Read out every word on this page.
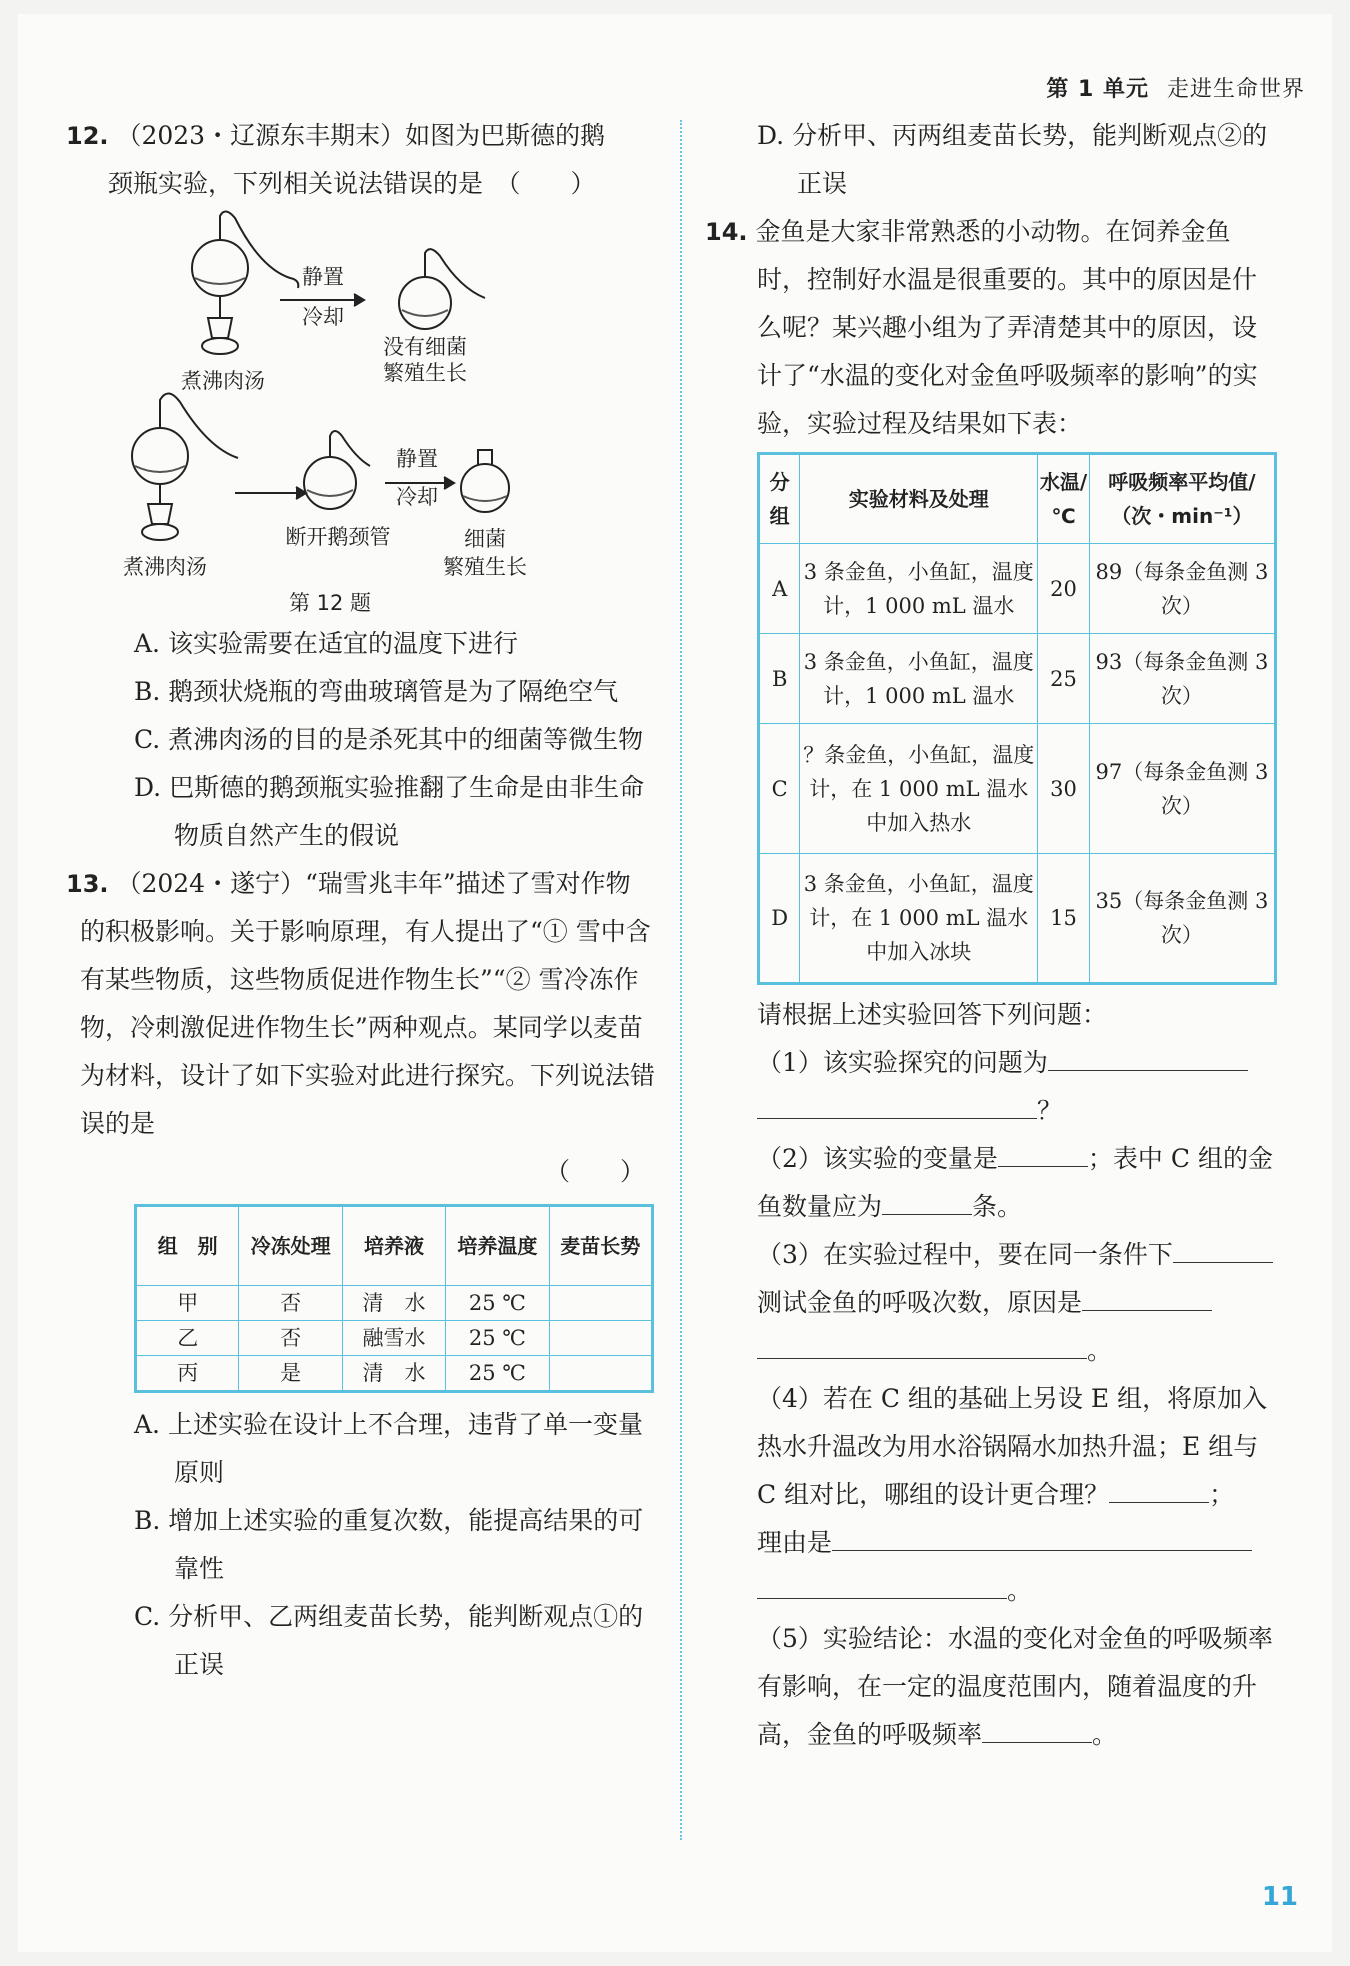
第 1 单元 走进生命世界
12. （2023・辽源东丰期末）如图为巴斯德的鹅
颈瓶实验，下列相关说法错误的是　（　　）
静置
冷却
煮沸肉汤
没有细菌
繁殖生长
煮沸肉汤
断开鹅颈管
静置
冷却
细菌
繁殖生长
第 12 题
A. 该实验需要在适宜的温度下进行
B. 鹅颈状烧瓶的弯曲玻璃管是为了隔绝空气
C. 煮沸肉汤的目的是杀死其中的细菌等微生物
D. 巴斯德的鹅颈瓶实验推翻了生命是由非生命物质自然产生的假说
13. （2024・遂宁）“瑞雪兆丰年”描述了雪对作物的积极影响。关于影响原理，有人提出了“① 雪中含有某些物质，这些物质促进作物生长”“② 雪冷冻作物，冷刺激促进作物生长”两种观点。某同学以麦苗为材料，设计了如下实验对此进行探究。下列说法错误的是
（　　）
组　别	冷冻处理	培养液	培养温度	麦苗长势
甲	否	清　水	25 ℃	
乙	否	融雪水	25 ℃	
丙	是	清　水	25 ℃	
A. 上述实验在设计上不合理，违背了单一变量原则
B. 增加上述实验的重复次数，能提高结果的可靠性
C. 分析甲、乙两组麦苗长势，能判断观点①的正误
D. 分析甲、丙两组麦苗长势，能判断观点②的正误
14. 金鱼是大家非常熟悉的小动物。在饲养金鱼时，控制好水温是很重要的。其中的原因是什么呢？某兴趣小组为了弄清楚其中的原因，设计了“水温的变化对金鱼呼吸频率的影响”的实验，实验过程及结果如下表：
分组	实验材料及处理	水温/℃	呼吸频率平均值/（次・min⁻¹）
A	3 条金鱼，小鱼缸，温度计，1 000 mL 温水	20	89（每条金鱼测 3 次）
B	3 条金鱼，小鱼缸，温度计，1 000 mL 温水	25	93（每条金鱼测 3 次）
C	？条金鱼，小鱼缸，温度计，在 1 000 mL 温水中加入热水	30	97（每条金鱼测 3 次）
D	3 条金鱼，小鱼缸，温度计，在 1 000 mL 温水中加入冰块	15	35（每条金鱼测 3 次）
请根据上述实验回答下列问题：
（1）该实验探究的问题为
？
（2）该实验的变量是	；表中 C 组的金鱼数量应为	条。
（3）在实验过程中，要在同一条件下测试金鱼的呼吸次数，原因是
。
（4）若在 C 组的基础上另设 E 组，将原加入热水升温改为用水浴锅隔水加热升温；E 组与 C 组对比，哪组的设计更合理？	；
理由是
。
（5）实验结论：水温的变化对金鱼的呼吸频率有影响，在一定的温度范围内，随着温度的升高，金鱼的呼吸频率	。
11
